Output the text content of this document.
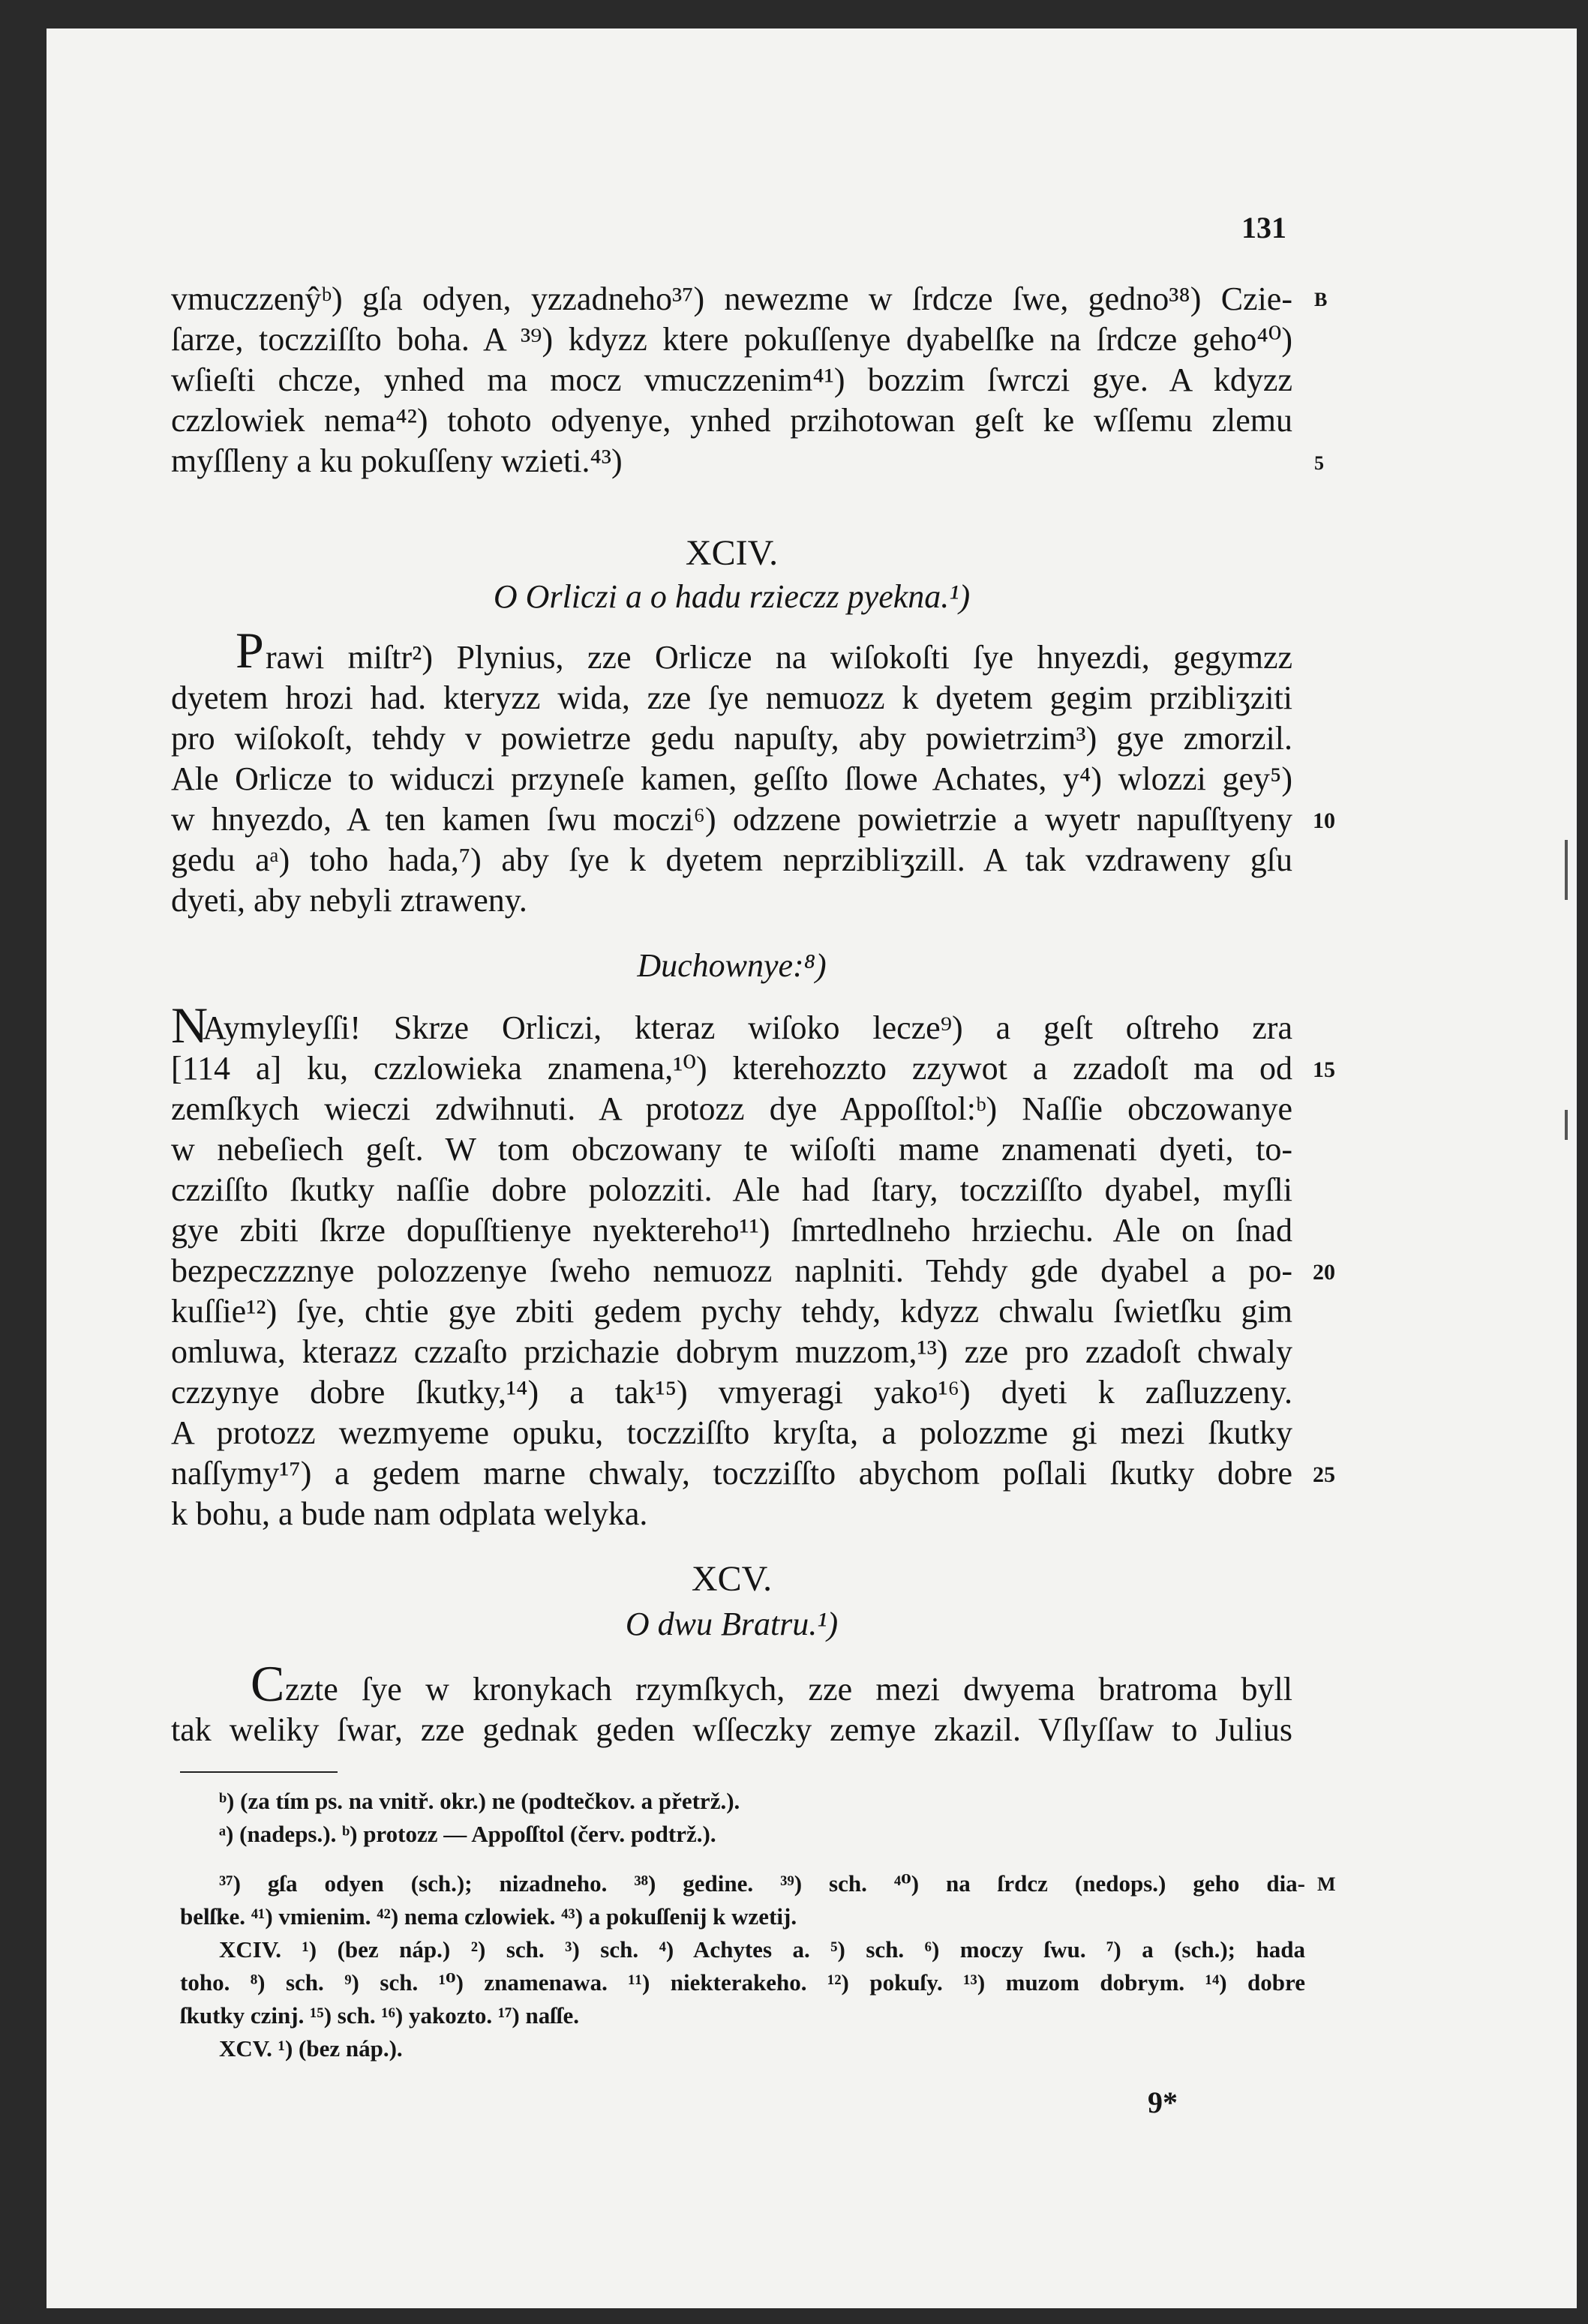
131
vmuczzenŷᵇ) gſa odyen, yzzadneho³⁷) newezme w ſrdcze ſwe, gedno³⁸) Czie- B
ſarze, toczziſſto boha. A ³⁹) kdyzz ktere pokuſſenye dyabelſke na ſrdcze geho⁴⁰)
wſieſti chcze, ynhed ma mocz vmuczzenim⁴¹) bozzim ſwrczi gye. A kdyzz
czzlowiek nema⁴²) tohoto odyenye, ynhed przihotowan geſt ke wſſemu zlemu
myſſleny a ku pokuſſeny wzieti.⁴³)	5
XCIV.
O Orliczi a o hadu rzieczz pyekna.¹)
P rawi miſtr²) Plynius, zze Orlicze na wiſokoſti ſye hnyezdi, gegymzz
dyetem hrozi had. kteryzz wida, zze ſye nemuozz k dyetem gegim przibliʒziti
pro wiſokoſt, tehdy v powietrze gedu napuſty, aby powietrzim³) gye zmorzil.
Ale Orlicze to widuczi przyneſe kamen, geſſto ſlowe Achates, y⁴) wlozzi gey⁵)
w hnyezdo, A ten kamen ſwu moczi⁶) odzzene powietrzie a wyetr napuſſtyeny 10
gedu aᵃ) toho hada,⁷) aby ſye k dyetem neprzibliʒzill. A tak vzdraweny gſu
dyeti, aby nebyli ztraweny.
Duchownye:⁸)
N
Aymyleyſſi! Skrze Orliczi, kteraz wiſoko lecze⁹) a geſt oſtreho zra
[114 a] ku, czzlowieka znamena,¹⁰) kterehozzto zzywot a zzadoſt ma od 15
zemſkych wieczi zdwihnuti. A protozz dye Appoſſtol:ᵇ) Naſſie obczowanye
w nebeſiech geſt. W tom obczowany te wiſoſti mame znamenati dyeti, to-
czziſſto ſkutky naſſie dobre polozziti. Ale had ſtary, toczziſſto dyabel, myſli
gye zbiti ſkrze dopuſſtienye nyektereho¹¹) ſmrtedlneho hrziechu. Ale on ſnad
bezpeczzznye polozzenye ſweho nemuozz naplniti. Tehdy gde dyabel a po- 20
kuſſie¹²) ſye, chtie gye zbiti gedem pychy tehdy, kdyzz chwalu ſwietſku gim
omluwa, kterazz czzaſto przichazie dobrym muzzom,¹³) zze pro zzadoſt chwaly
czzynye dobre ſkutky,¹⁴) a tak¹⁵) vmyeragi yako¹⁶) dyeti k zaſluzzeny.
A protozz wezmyeme opuku, toczziſſto kryſta, a polozzme gi mezi ſkutky
naſſymy¹⁷) a gedem marne chwaly, toczziſſto abychom poſlali ſkutky dobre 25
k bohu, a bude nam odplata welyka.
XCV.
O dwu Bratru.¹)
C zzte ſye w kronykach rzymſkych, zze mezi dwyema bratroma byll
tak weliky ſwar, zze gednak geden wſſeczky zemye zkazil. Vſlyſſaw to Julius
ᵇ) (za tím ps. na vnitř. okr.) ne (podtečkov. a přetrž.).
ᵃ) (nadeps.). ᵇ) protozz — Appoſſtol (červ. podtrž.).
³⁷) gſa odyen (sch.); nizadneho. ³⁸) gedine. ³⁹) sch. ⁴⁰) na ſrdcz (nedops.) geho dia- M
belſke. ⁴¹) vmienim. ⁴²) nema czlowiek. ⁴³) a pokuſſenij k wzetij.
XCIV. ¹) (bez náp.) ²) sch. ³) sch. ⁴) Achytes a. ⁵) sch. ⁶) moczy ſwu. ⁷) a (sch.); hada
toho. ⁸) sch. ⁹) sch. ¹⁰) znamenawa. ¹¹) niekterakeho. ¹²) pokuſy. ¹³) muzom dobrym. ¹⁴) dobre
ſkutky czinj. ¹⁵) sch. ¹⁶) yakozto. ¹⁷) naſſe.
XCV. ¹) (bez náp.).
9*
